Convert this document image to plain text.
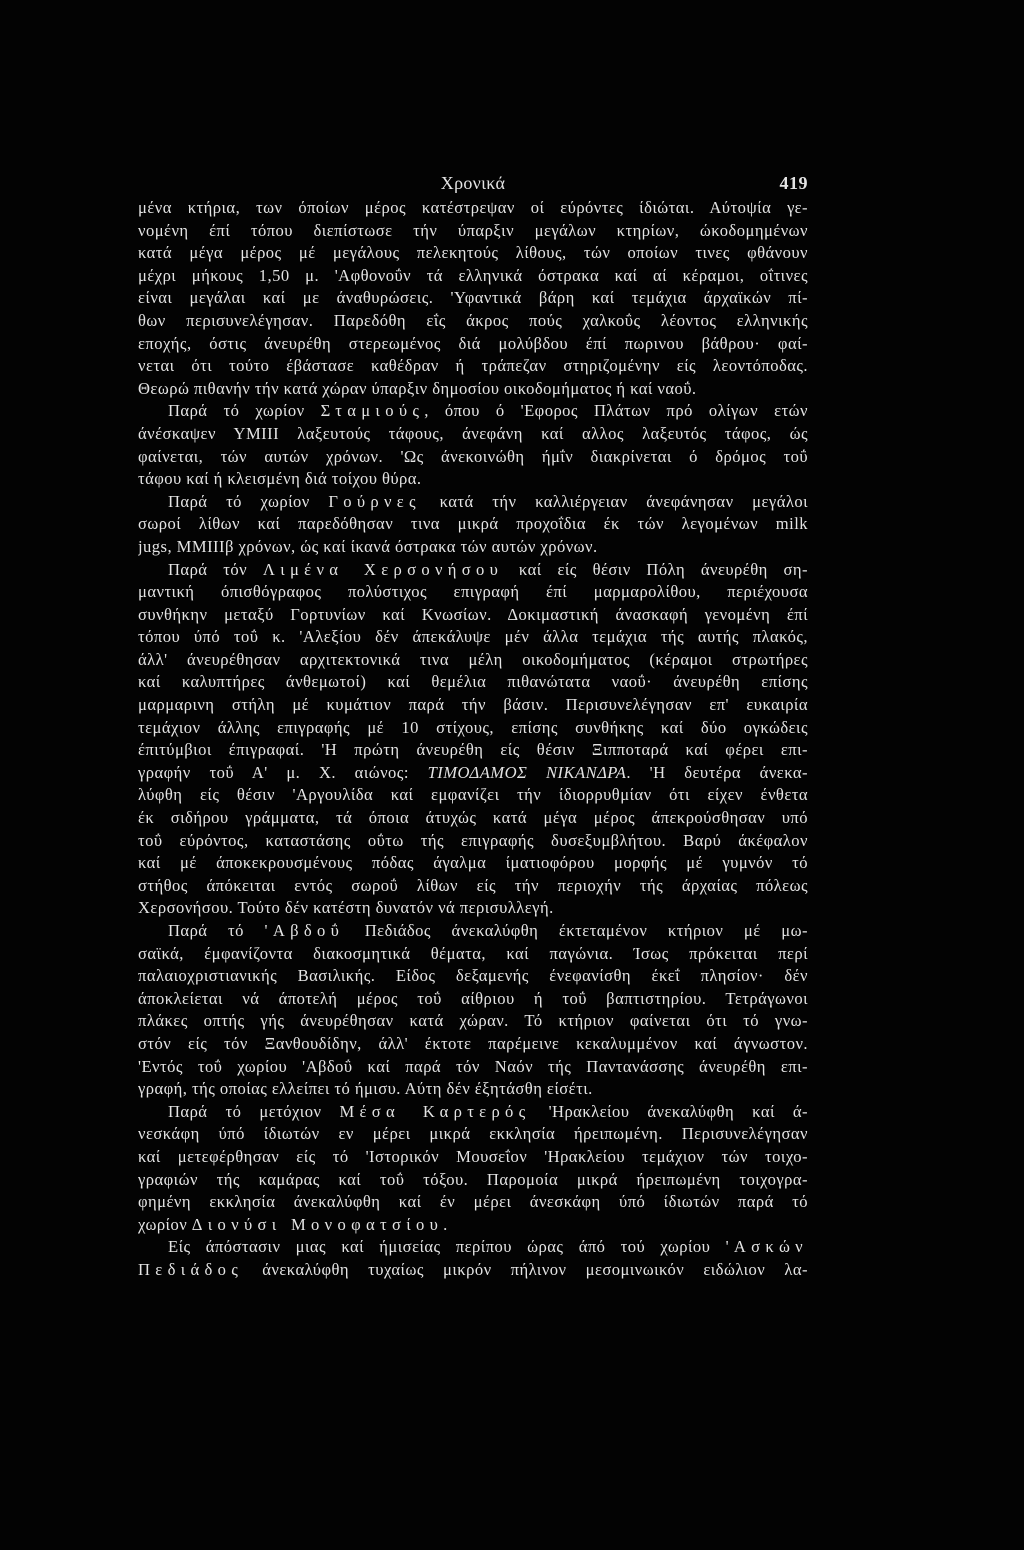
Χρονικά	419
μένα κτήρια, των όποίων μέρος κατέστρεψαν οί εύρόντες ίδιώται. Αύτοψία γε-
νομένη έπί τόπου διεπίστωσε τήν ύπαρξιν μεγάλων κτηρίων, ώκοδομημένων
κατά μέγα μέρος μέ μεγάλους πελεκητούς λίθους, τών οποίων τινες φθάνουν
μέχρι μήκους 1,50 μ. 'Αφθονοΰν τά ελληνικά όστρακα καί αί κέραμοι, οΐτινες
είναι μεγάλαι καί με άναθυρώσεις. 'Υφαντικά βάρη καί τεμάχια άρχαϊκών πί-
θων περισυνελέγησαν. Παρεδόθη εΐς άκρος πούς χαλκοΰς λέοντος ελληνικής
εποχής, όστις άνευρέθη στερεωμένος διά μολύβδου έπί πωρινου βάθρου· φαί-
νεται ότι τούτο έβάστασε καθέδραν ή τράπεζαν στηριζομένην είς λεοντόποδας.
Θεωρώ πιθανήν τήν κατά χώραν ύπαρξιν δημοσίου οικοδομήματος ή καί ναοΰ.
Παρά τό χωρίον Σταμιούς, όπου ό 'Εφορος Πλάτων πρό ολίγων ετών
άνέσκαψεν ΥΜΙΙΙ λαξευτούς τάφους, άνεφάνη καί αλλος λαξευτός τάφος, ώς
φαίνεται, τών αυτών χρόνων. 'Ως άνεκοινώθη ήμΐν διακρίνεται ό δρόμος τοΰ
τάφου καί ή κλεισμένη διά τοίχου θύρα.
Παρά τό χωρίον Γούρνες κατά τήν καλλιέργειαν άνεφάνησαν μεγάλοι
σωροί λίθων καί παρεδόθησαν τινα μικρά προχοΐδια έκ τών λεγομένων milk
jugs, ΜΜΙΙΙβ χρόνων, ώς καί ίκανά όστρακα τών αυτών χρόνων.
Παρά τόν Λιμένα Χερσονήσου καί είς θέσιν Πόλη άνευρέθη ση-
μαντική όπισθόγραφος πολύστιχος επιγραφή έπί μαρμαρολίθου, περιέχουσα
συνθήκην μεταξύ Γορτυνίων καί Κνωσίων. Δοκιμαστική άνασκαφή γενομένη έπί
τόπου ύπό τοΰ κ. 'Αλεξίου δέν άπεκάλυψε μέν άλλα τεμάχια τής αυτής πλακός,
άλλ' άνευρέθησαν αρχιτεκτονικά τινα μέλη οικοδομήματος (κέραμοι στρωτήρες
καί καλυπτήρες άνθεμωτοί) καί θεμέλια πιθανώτατα ναοΰ· άνευρέθη επίσης
μαρμαρινη στήλη μέ κυμάτιον παρά τήν βάσιν. Περισυνελέγησαν επ' ευκαιρία
τεμάχιον άλλης επιγραφής μέ 10 στίχους, επίσης συνθήκης καί δύο ογκώδεις
έπιτύμβιοι έπιγραφαί. 'Η πρώτη άνευρέθη είς θέσιν Ξιπποταρά καί φέρει επι-
γραφήν τοΰ Α' μ. Χ. αιώνος: ΤΙΜΟΔΑΜΟΣ ΝΙΚΑΝΔΡΑ. 'Η δευτέρα άνεκα-
λύφθη είς θέσιν 'Αργουλίδα καί εμφανίζει τήν ίδιορρυθμίαν ότι είχεν ένθετα
έκ σιδήρου γράμματα, τά όποια άτυχώς κατά μέγα μέρος άπεκρούσθησαν υπό
τοΰ εύρόντος, καταστάσης οΰτω τής επιγραφής δυσεξυμβλήτου. Βαρύ άκέφαλον
καί μέ άποκεκρουσμένους πόδας άγαλμα ίματιοφόρου μορφής μέ γυμνόν τό
στήθος άπόκειται εντός σωροΰ λίθων είς τήν περιοχήν τής άρχαίας πόλεως
Χερσονήσου. Τούτο δέν κατέστη δυνατόν νά περισυλλεγή.
Παρά τό 'Αβδοΰ Πεδιάδος άνεκαλύφθη έκτεταμένον κτήριον μέ μω-
σαϊκά, έμφανίζοντα διακοσμητικά θέματα, καί παγώνια. Ίσως πρόκειται περί
παλαιοχριστιανικής Βασιλικής. Είδος δεξαμενής ένεφανίσθη έκεΐ πλησίον· δέν
άποκλείεται νά άποτελή μέρος τοΰ αίθριου ή τοΰ βαπτιστηρίου. Τετράγωνοι
πλάκες οπτής γής άνευρέθησαν κατά χώραν. Τό κτήριον φαίνεται ότι τό γνω-
στόν είς τόν Ξανθουδίδην, άλλ' έκτοτε παρέμεινε κεκαλυμμένον καί άγνωστον.
'Εντός τοΰ χωρίου 'Αβδοΰ καί παρά τόν Ναόν τής Παντανάσσης άνευρέθη επι-
γραφή, τής οποίας ελλείπει τό ήμισυ. Αύτη δέν έξητάσθη είσέτι.
Παρά τό μετόχιον Μέσα Καρτερός 'Ηρακλείου άνεκαλύφθη καί ά-
νεσκάφη ύπό ίδιωτών εν μέρει μικρά εκκλησία ήρειπωμένη. Περισυνελέγησαν
καί μετεφέρθησαν είς τό 'Ιστορικόν Μουσεΐον 'Ηρακλείου τεμάχιον τών τοιχο-
γραφιών τής καμάρας καί τοΰ τόξου. Παρομοία μικρά ήρειπωμένη τοιχογρα-
φημένη εκκλησία άνεκαλύφθη καί έν μέρει άνεσκάφη ύπό ίδιωτών παρά τό
χωρίον Διονύσι Μονοφατσίου.
Είς άπόστασιν μιας καί ήμισείας περίπου ώρας άπό τού χωρίου 'Ασκών
Πεδιάδος άνεκαλύφθη τυχαίως μικρόν πήλινον μεσομινωικόν ειδώλιον λα-
